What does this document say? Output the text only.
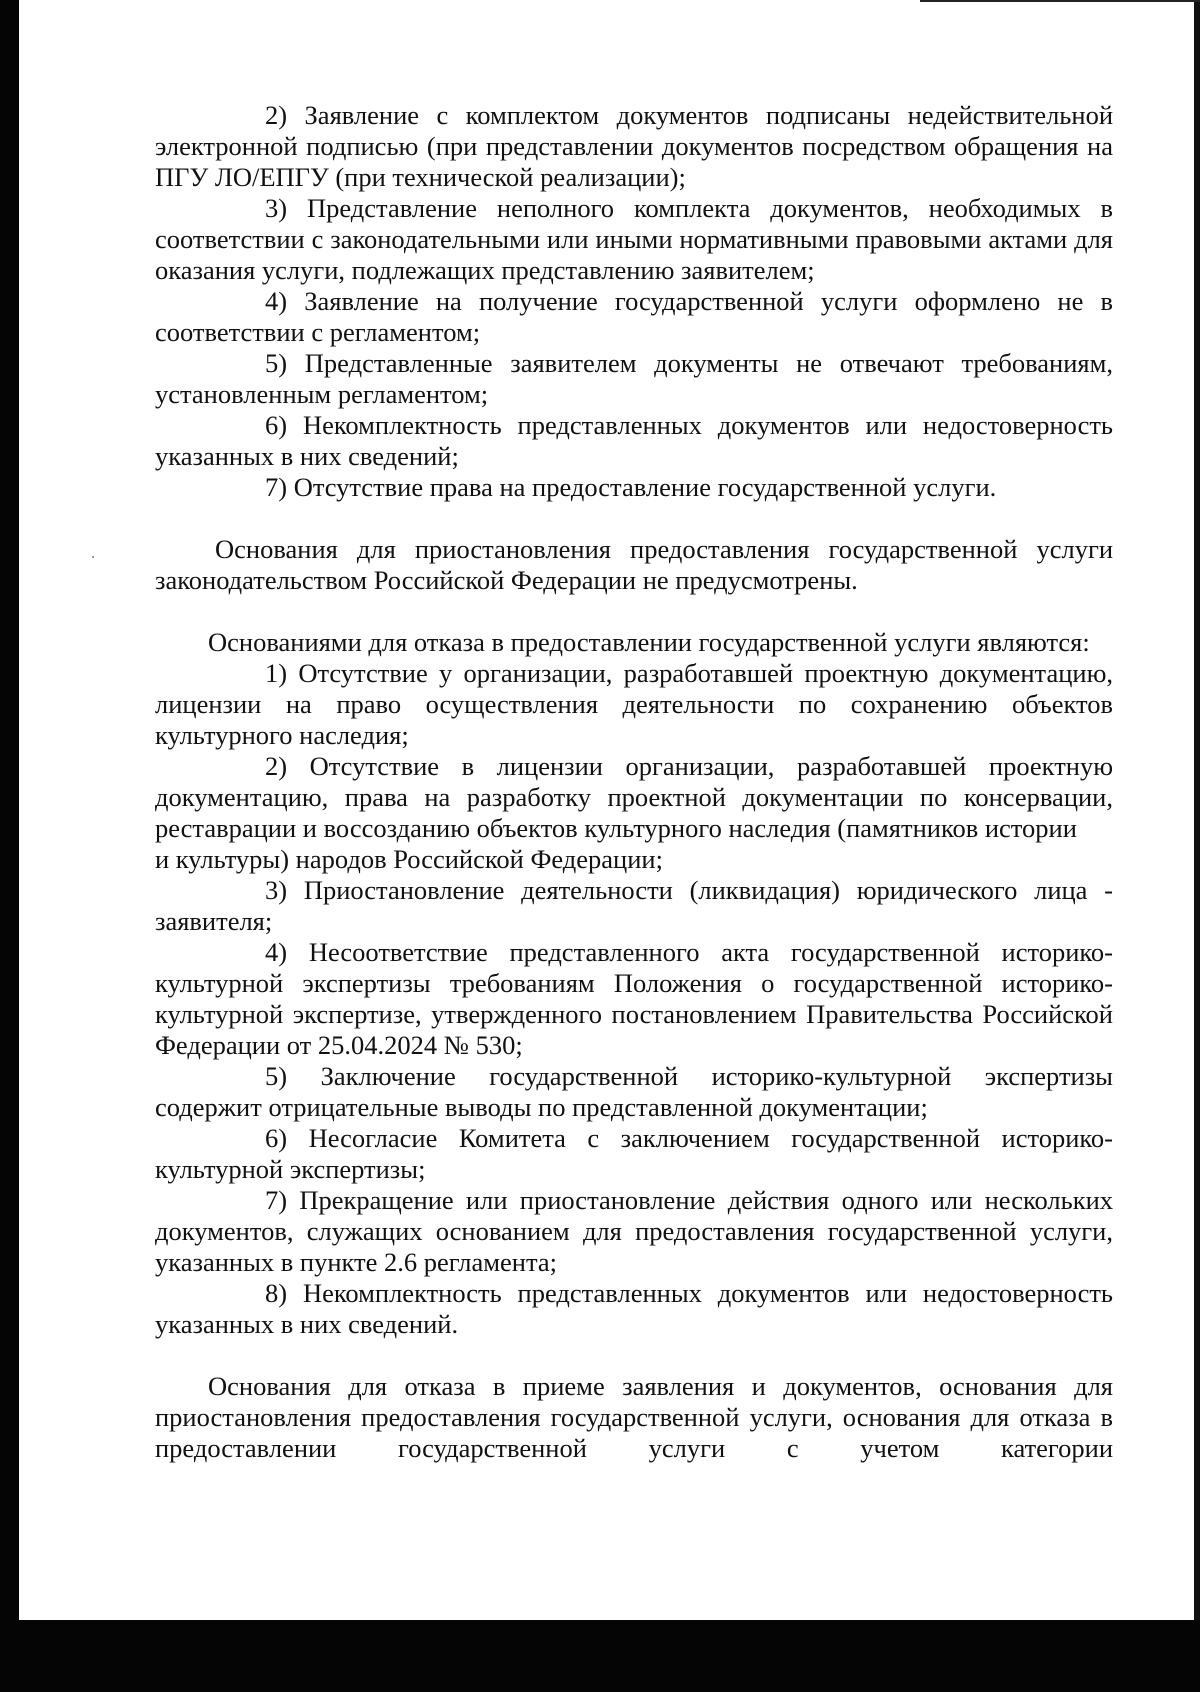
2) Заявление с комплектом документов подписаны недействительной электронной подписью (при представлении документов посредством обращения на ПГУ ЛО/ЕПГУ (при технической реализации);

3) Представление неполного комплекта документов, необходимых в соответствии с законодательными или иными нормативными правовыми актами для оказания услуги, подлежащих представлению заявителем;

4) Заявление на получение государственной услуги оформлено не в соответствии с регламентом;

5) Представленные заявителем документы не отвечают требованиям, установленным регламентом;

6) Некомплектность представленных документов или недостоверность указанных в них сведений;

7) Отсутствие права на предоставление государственной услуги.

Основания для приостановления предоставления государственной услуги законодательством Российской Федерации не предусмотрены.

Основаниями для отказа в предоставлении государственной услуги являются:

1) Отсутствие у организации, разработавшей проектную документацию, лицензии на право осуществления деятельности по сохранению объектов культурного наследия;

2) Отсутствие в лицензии организации, разработавшей проектную документацию, права на разработку проектной документации по консервации, реставрации и воссозданию объектов культурного наследия (памятников истории

и культуры) народов Российской Федерации;

3) Приостановление деятельности (ликвидация) юридического лица - заявителя;

4) Несоответствие представленного акта государственной историко-культурной экспертизы требованиям Положения о государственной историко-культурной экспертизе, утвержденного постановлением Правительства Российской Федерации от 25.04.2024 № 530;

5) Заключение государственной историко-культурной экспертизы содержит отрицательные выводы по представленной документации;

6) Несогласие Комитета с заключением государственной историко-культурной экспертизы;

7) Прекращение или приостановление действия одного или нескольких документов, служащих основанием для предоставления государственной услуги, указанных в пункте 2.6 регламента;

8) Некомплектность представленных документов или недостоверность указанных в них сведений.

Основания для отказа в приеме заявления и документов, основания для приостановления предоставления государственной услуги, основания для отказа в предоставлении государственной услуги с учетом категории
